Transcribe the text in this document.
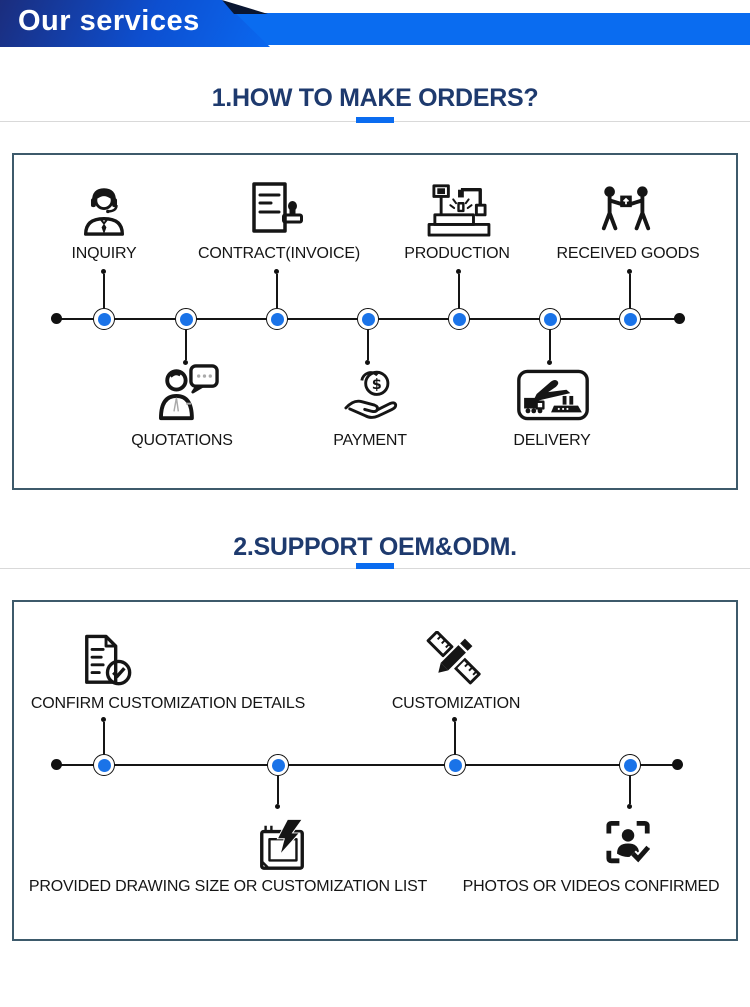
Our services
1.HOW TO MAKE ORDERS?
INQUIRY	CONTRACT(INVOICE)	PRODUCTION	RECEIVED GOODS
$
QUOTATIONS	PAYMENT	DELIVERY
2.SUPPORT OEM&ODM.
CONFIRM CUSTOMIZATION DETAILS	CUSTOMIZATION
PROVIDED DRAWING SIZE OR CUSTOMIZATION LIST PHOTOS OR VIDEOS CONFIRMED
